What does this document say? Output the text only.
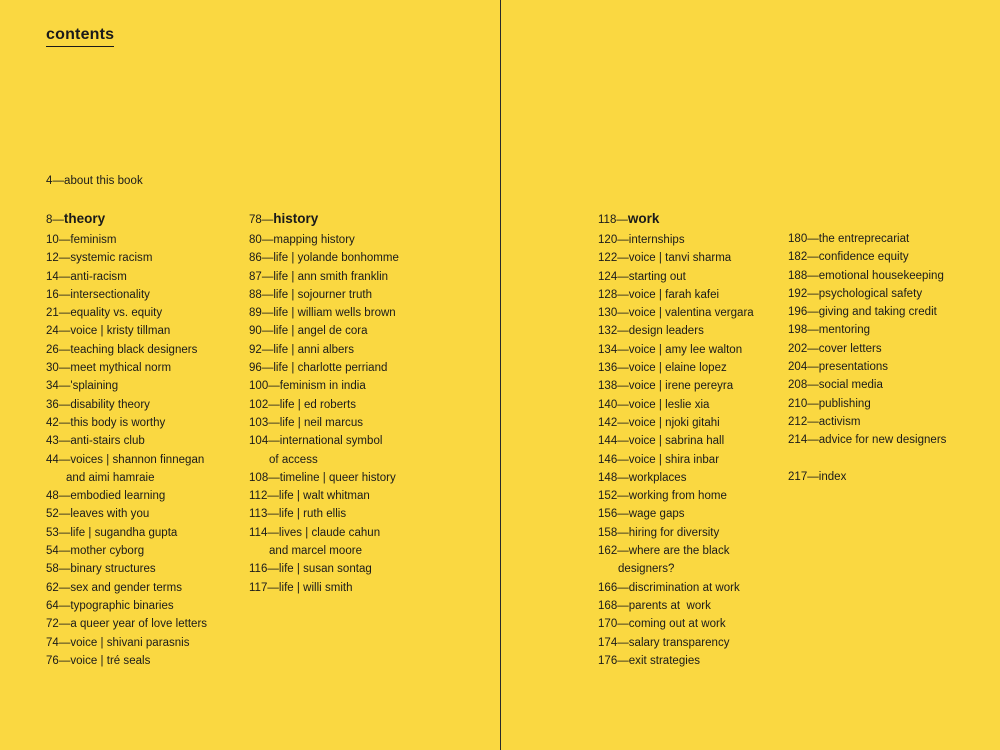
contents
4—about this book
8—theory
10—feminism
12—systemic racism
14—anti-racism
16—intersectionality
21—equality vs. equity
24—voice | kristy tillman
26—teaching black designers
30—meet mythical norm
34—'splaining
36—disability theory
42—this body is worthy
43—anti-stairs club
44—voices | shannon finnegan
and aimi hamraie
48—embodied learning
52—leaves with you
53—life | sugandha gupta
54—mother cyborg
58—binary structures
62—sex and gender terms
64—typographic binaries
72—a queer year of love letters
74—voice | shivani parasnis
76—voice | tré seals
78—history
80—mapping history
86—life | yolande bonhomme
87—life | ann smith franklin
88—life | sojourner truth
89—life | william wells brown
90—life | angel de cora
92—life | anni albers
96—life | charlotte perriand
100—feminism in india
102—life | ed roberts
103—life | neil marcus
104—international symbol
of access
108—timeline | queer history
112—life | walt whitman
113—life | ruth ellis
114—lives | claude cahun
and marcel moore
116—life | susan sontag
117—life | willi smith
118—work
120—internships
122—voice | tanvi sharma
124—starting out
128—voice | farah kafei
130—voice | valentina vergara
132—design leaders
134—voice | amy lee walton
136—voice | elaine lopez
138—voice | irene pereyra
140—voice | leslie xia
142—voice | njoki gitahi
144—voice | sabrina hall
146—voice | shira inbar
148—workplaces
152—working from home
156—wage gaps
158—hiring for diversity
162—where are the black
designers?
166—discrimination at work
168—parents at  work
170—coming out at work
174—salary transparency
176—exit strategies

180—the entreprecariat
182—confidence equity
188—emotional housekeeping
192—psychological safety
196—giving and taking credit
198—mentoring
202—cover letters
204—presentations
208—social media
210—publishing
212—activism
214—advice for new designers
217—index
